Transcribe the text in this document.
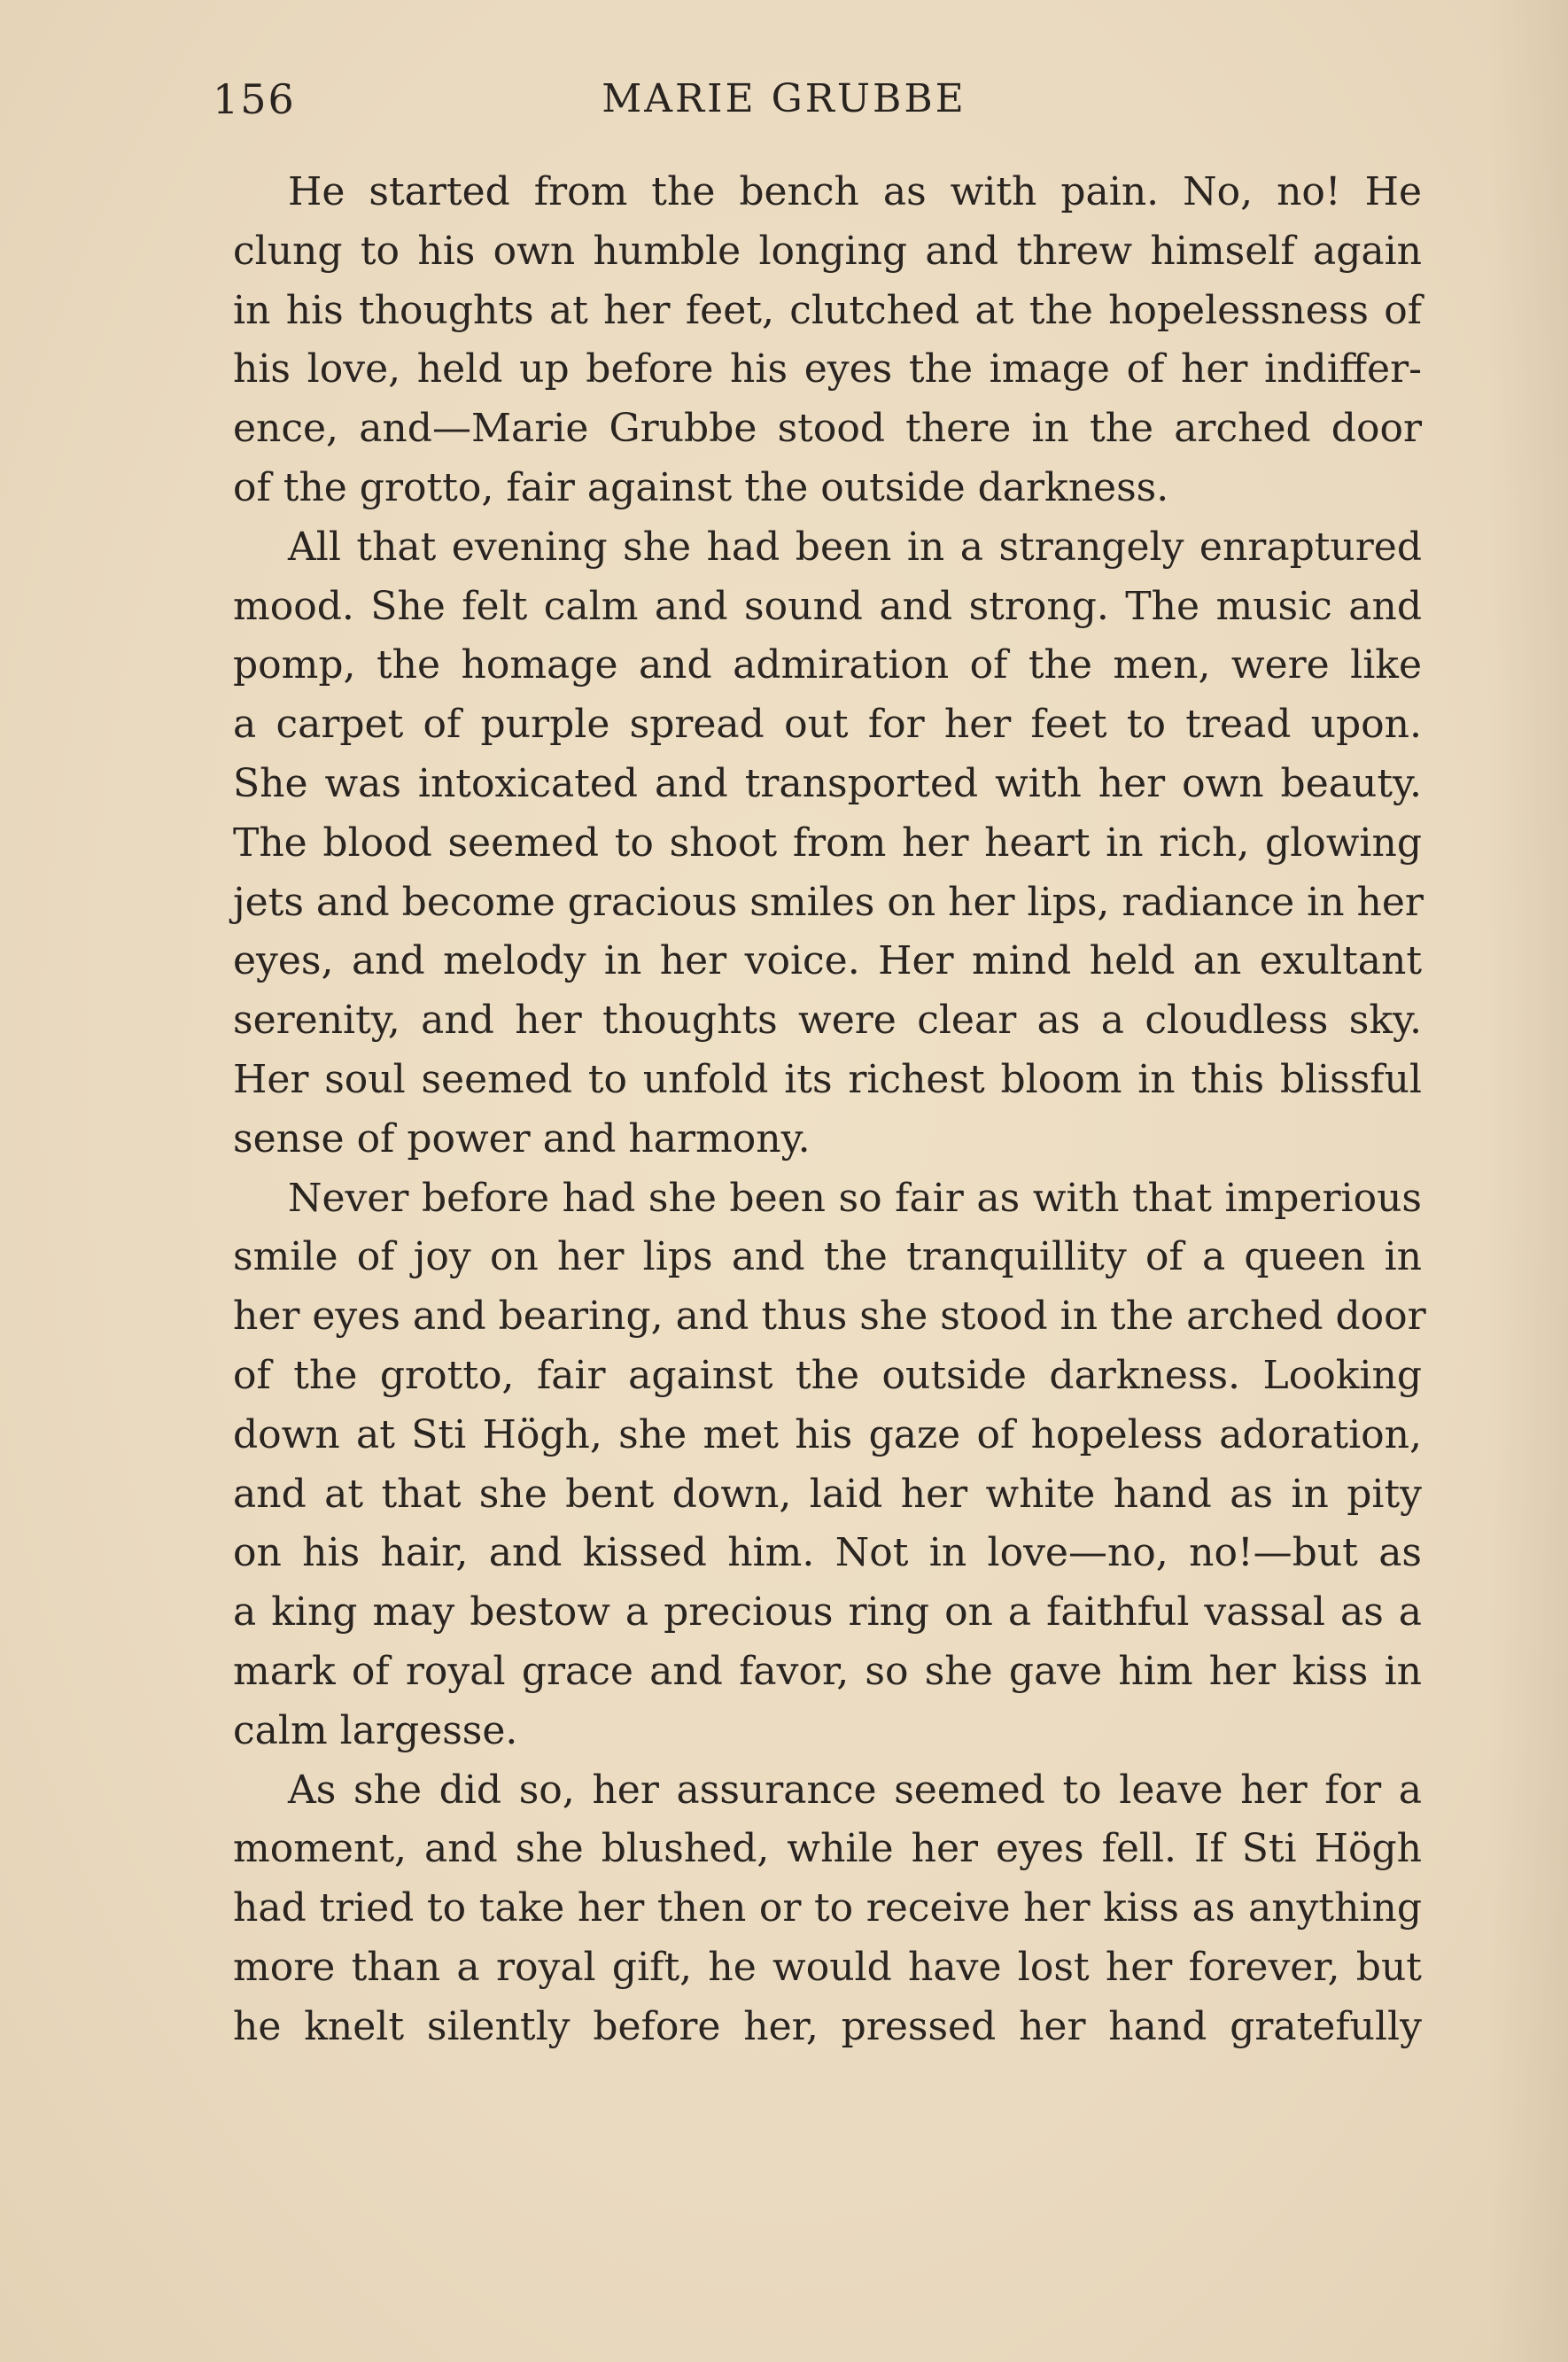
156	MARIE GRUBBE

He started from the bench as with pain. No, no! He
clung to his own humble longing and threw himself again
in his thoughts at her feet, clutched at the hopelessness of
his love, held up before his eyes the image of her indiffer-
ence, and—Marie Grubbe stood there in the arched door
of the grotto, fair against the outside darkness.

All that evening she had been in a strangely enraptured
mood. She felt calm and sound and strong. The music and
pomp, the homage and admiration of the men, were like
a carpet of purple spread out for her feet to tread upon.
She was intoxicated and transported with her own beauty.
The blood seemed to shoot from her heart in rich, glowing
jets and become gracious smiles on her lips, radiance in her
eyes, and melody in her voice. Her mind held an exultant
serenity, and her thoughts were clear as a cloudless sky.
Her soul seemed to unfold its richest bloom in this blissful
sense of power and harmony.

Never before had she been so fair as with that imperious
smile of joy on her lips and the tranquillity of a queen in
her eyes and bearing, and thus she stood in the arched door
of the grotto, fair against the outside darkness. Looking
down at Sti Högh, she met his gaze of hopeless adoration,
and at that she bent down, laid her white hand as in pity
on his hair, and kissed him. Not in love—no, no!—but as
a king may bestow a precious ring on a faithful vassal as a
mark of royal grace and favor, so she gave him her kiss in
calm largesse.

As she did so, her assurance seemed to leave her for a
moment, and she blushed, while her eyes fell. If Sti Högh
had tried to take her then or to receive her kiss as anything
more than a royal gift, he would have lost her forever, but
he knelt silently before her, pressed her hand gratefully
